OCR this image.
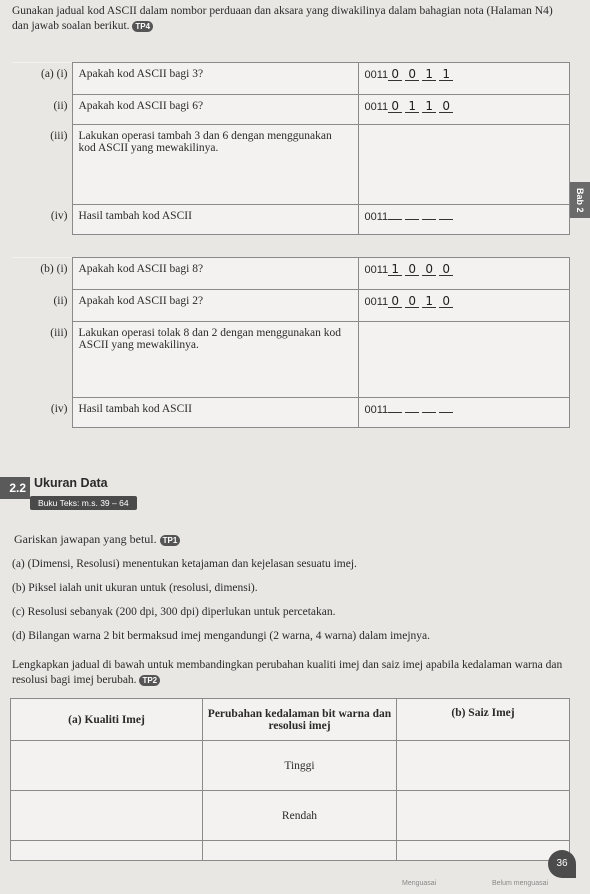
Gunakan jadual kod ASCII dalam nombor perduaan dan aksara yang diwakilinya dalam bahagian nota (Halaman N4) dan jawab soalan berikut. TP4
(a) (i)	Apakah kod ASCII bagi 3?	0011 0 0 1 1
(ii)	Apakah kod ASCII bagi 6?	0011 0 1 1 0
(iii)	Lakukan operasi tambah 3 dan 6 dengan menggunakan kod ASCII yang mewakilinya.	
(iv)	Hasil tambah kod ASCII	0011
Bab 2
(b) (i)	Apakah kod ASCII bagi 8?	0011 1 0 0 0
(ii)	Apakah kod ASCII bagi 2?	0011 0 0 1 0
(iii)	Lakukan operasi tolak 8 dan 2 dengan menggunakan kod ASCII yang mewakilinya.	
(iv)	Hasil tambah kod ASCII	0011
2.2 Ukuran Data
Buku Teks: m.s. 39 – 64
Gariskan jawapan yang betul. TP1
(a) (Dimensi, Resolusi) menentukan ketajaman dan kejelasan sesuatu imej.
(b) Piksel ialah unit ukuran untuk (resolusi, dimensi).
(c) Resolusi sebanyak (200 dpi, 300 dpi) diperlukan untuk percetakan.
(d) Bilangan warna 2 bit bermaksud imej mengandungi (2 warna, 4 warna) dalam imejnya.
Lengkapkan jadual di bawah untuk membandingkan perubahan kualiti imej dan saiz imej apabila kedalaman warna dan resolusi bagi imej berubah. TP2
(a) Kualiti Imej	Perubahan kedalaman bit warna dan resolusi imej	(b) Saiz Imej
	Tinggi	
	Rendah	

36
Menguasai	Belum menguasai
